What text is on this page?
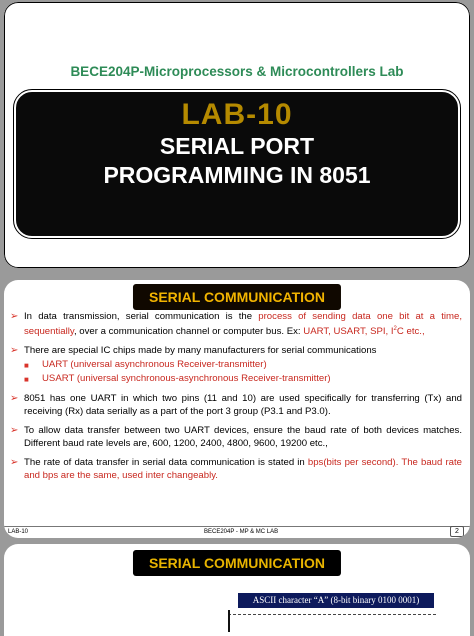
BECE204P-Microprocessors & Microcontrollers Lab
LAB-10
SERIAL PORT
PROGRAMMING IN 8051
SERIAL COMMUNICATION
➢ In data transmission, serial communication is the process of sending data one bit at a time, sequentially, over a communication channel or computer bus. Ex: UART, USART, SPI, $I^2C$ etc.,
➢ There are special IC chips made by many manufacturers for serial communications
■	UART (universal asynchronous Receiver-transmitter)
■	USART (universal synchronous-asynchronous Receiver-transmitter)
➢ 8051 has one UART in which two pins (11 and 10) are used specifically for transferring (Tx) and receiving (Rx) data serially as a part of the port 3 group (P3.1 and P3.0).
➢ To allow data transfer between two UART devices, ensure the baud rate of both devices matches. Different baud rate levels are, 600, 1200, 2400, 4800, 9600, 19200 etc.,
➢ The rate of data transfer in serial data communication is stated in bps(bits per second). The baud rate and bps are the same, used inter changeably.
LAB-10	BECE204P - MP & MC LAB	2
SERIAL COMMUNICATION
ASCII character “A” (8-bit binary 0100 0001)
